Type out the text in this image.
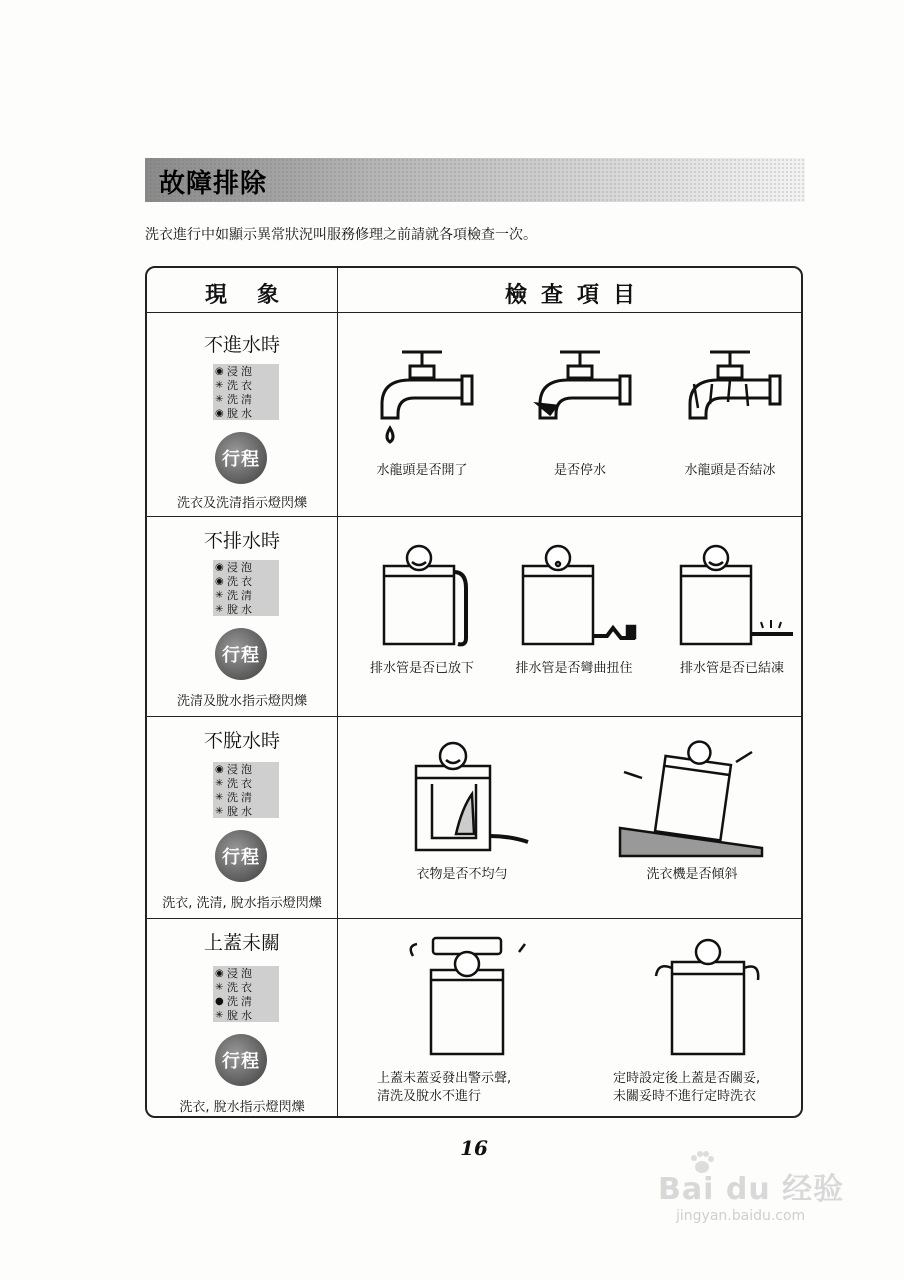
故障排除
洗衣進行中如顯示異常狀況叫服務修理之前請就各項檢查一次。
現象	檢查項目
不進水時
◉ 浸泡
✳ 洗衣
✳ 洗清
◉ 脫水
行程
洗衣及洗清指示燈閃爍
水龍頭是否開了	是否停水	水龍頭是否結冰
不排水時
◉ 浸泡
◉ 洗衣
✳ 洗清
✳ 脫水
行程
洗清及脫水指示燈閃爍
排水管是否已放下	排水管是否彎曲扭住	排水管是否已結凍
不脫水時
◉ 浸泡
✳ 洗衣
✳ 洗清
✳ 脫水
行程
洗衣, 洗清, 脫水指示燈閃爍
衣物是否不均勻	洗衣機是否傾斜
上蓋未關
◉ 浸泡
✳ 洗衣
● 洗清
✳ 脫水
行程
洗衣, 脫水指示燈閃爍
上蓋未蓋妥發出警示聲,
清洗及脫水不進行
定時設定後上蓋是否關妥,
未關妥時不進行定時洗衣
16
Bai du 经验
jingyan.baidu.com
